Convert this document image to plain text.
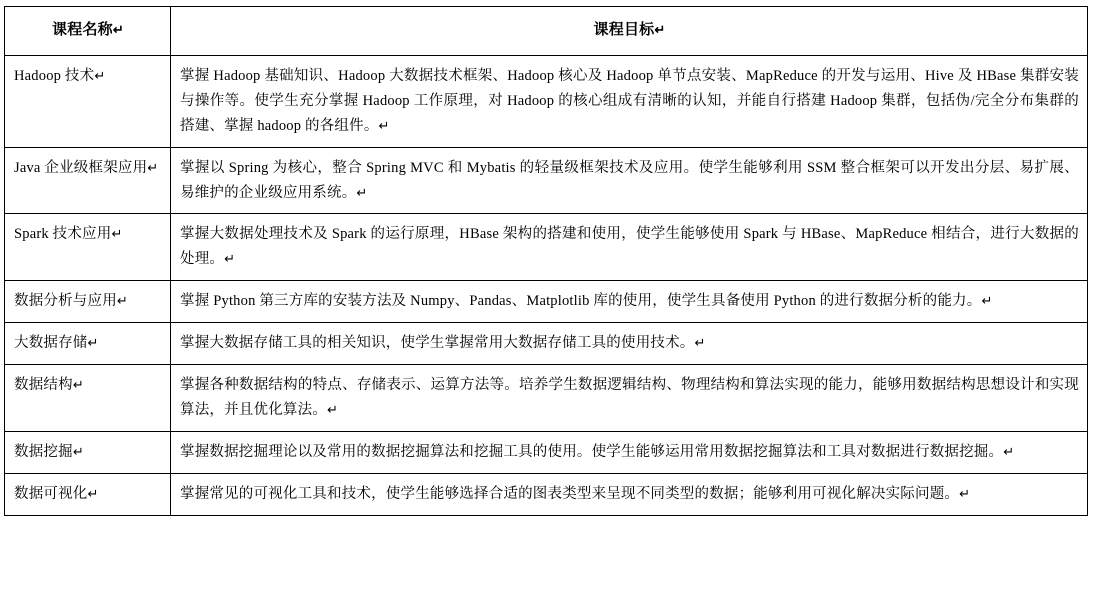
课程名称↵	课程目标↵
Hadoop 技术↵	掌握 Hadoop 基础知识、Hadoop 大数据技术框架、Hadoop 核心及 Hadoop 单节点安装、MapReduce 的开发与运用、Hive 及 HBase 集群安装与操作等。使学生充分掌握 Hadoop 工作原理，对 Hadoop 的核心组成有清晰的认知，并能自行搭建 Hadoop 集群，包括伪/完全分布集群的搭建、掌握 hadoop 的各组件。↵
Java 企业级框架应用↵	掌握以 Spring 为核心，整合 Spring MVC 和 Mybatis 的轻量级框架技术及应用。使学生能够利用 SSM 整合框架可以开发出分层、易扩展、易维护的企业级应用系统。↵
Spark 技术应用↵	掌握大数据处理技术及 Spark 的运行原理，HBase 架构的搭建和使用，使学生能够使用 Spark 与 HBase、MapReduce 相结合，进行大数据的处理。↵
数据分析与应用↵	掌握 Python 第三方库的安装方法及 Numpy、Pandas、Matplotlib 库的使用，使学生具备使用 Python 的进行数据分析的能力。↵
大数据存储↵	掌握大数据存储工具的相关知识，使学生掌握常用大数据存储工具的使用技术。↵
数据结构↵	掌握各种数据结构的特点、存储表示、运算方法等。培养学生数据逻辑结构、物理结构和算法实现的能力，能够用数据结构思想设计和实现算法，并且优化算法。↵
数据挖掘↵	掌握数据挖掘理论以及常用的数据挖掘算法和挖掘工具的使用。使学生能够运用常用数据挖掘算法和工具对数据进行数据挖掘。↵
数据可视化↵	掌握常见的可视化工具和技术，使学生能够选择合适的图表类型来呈现不同类型的数据；能够利用可视化解决实际问题。↵
